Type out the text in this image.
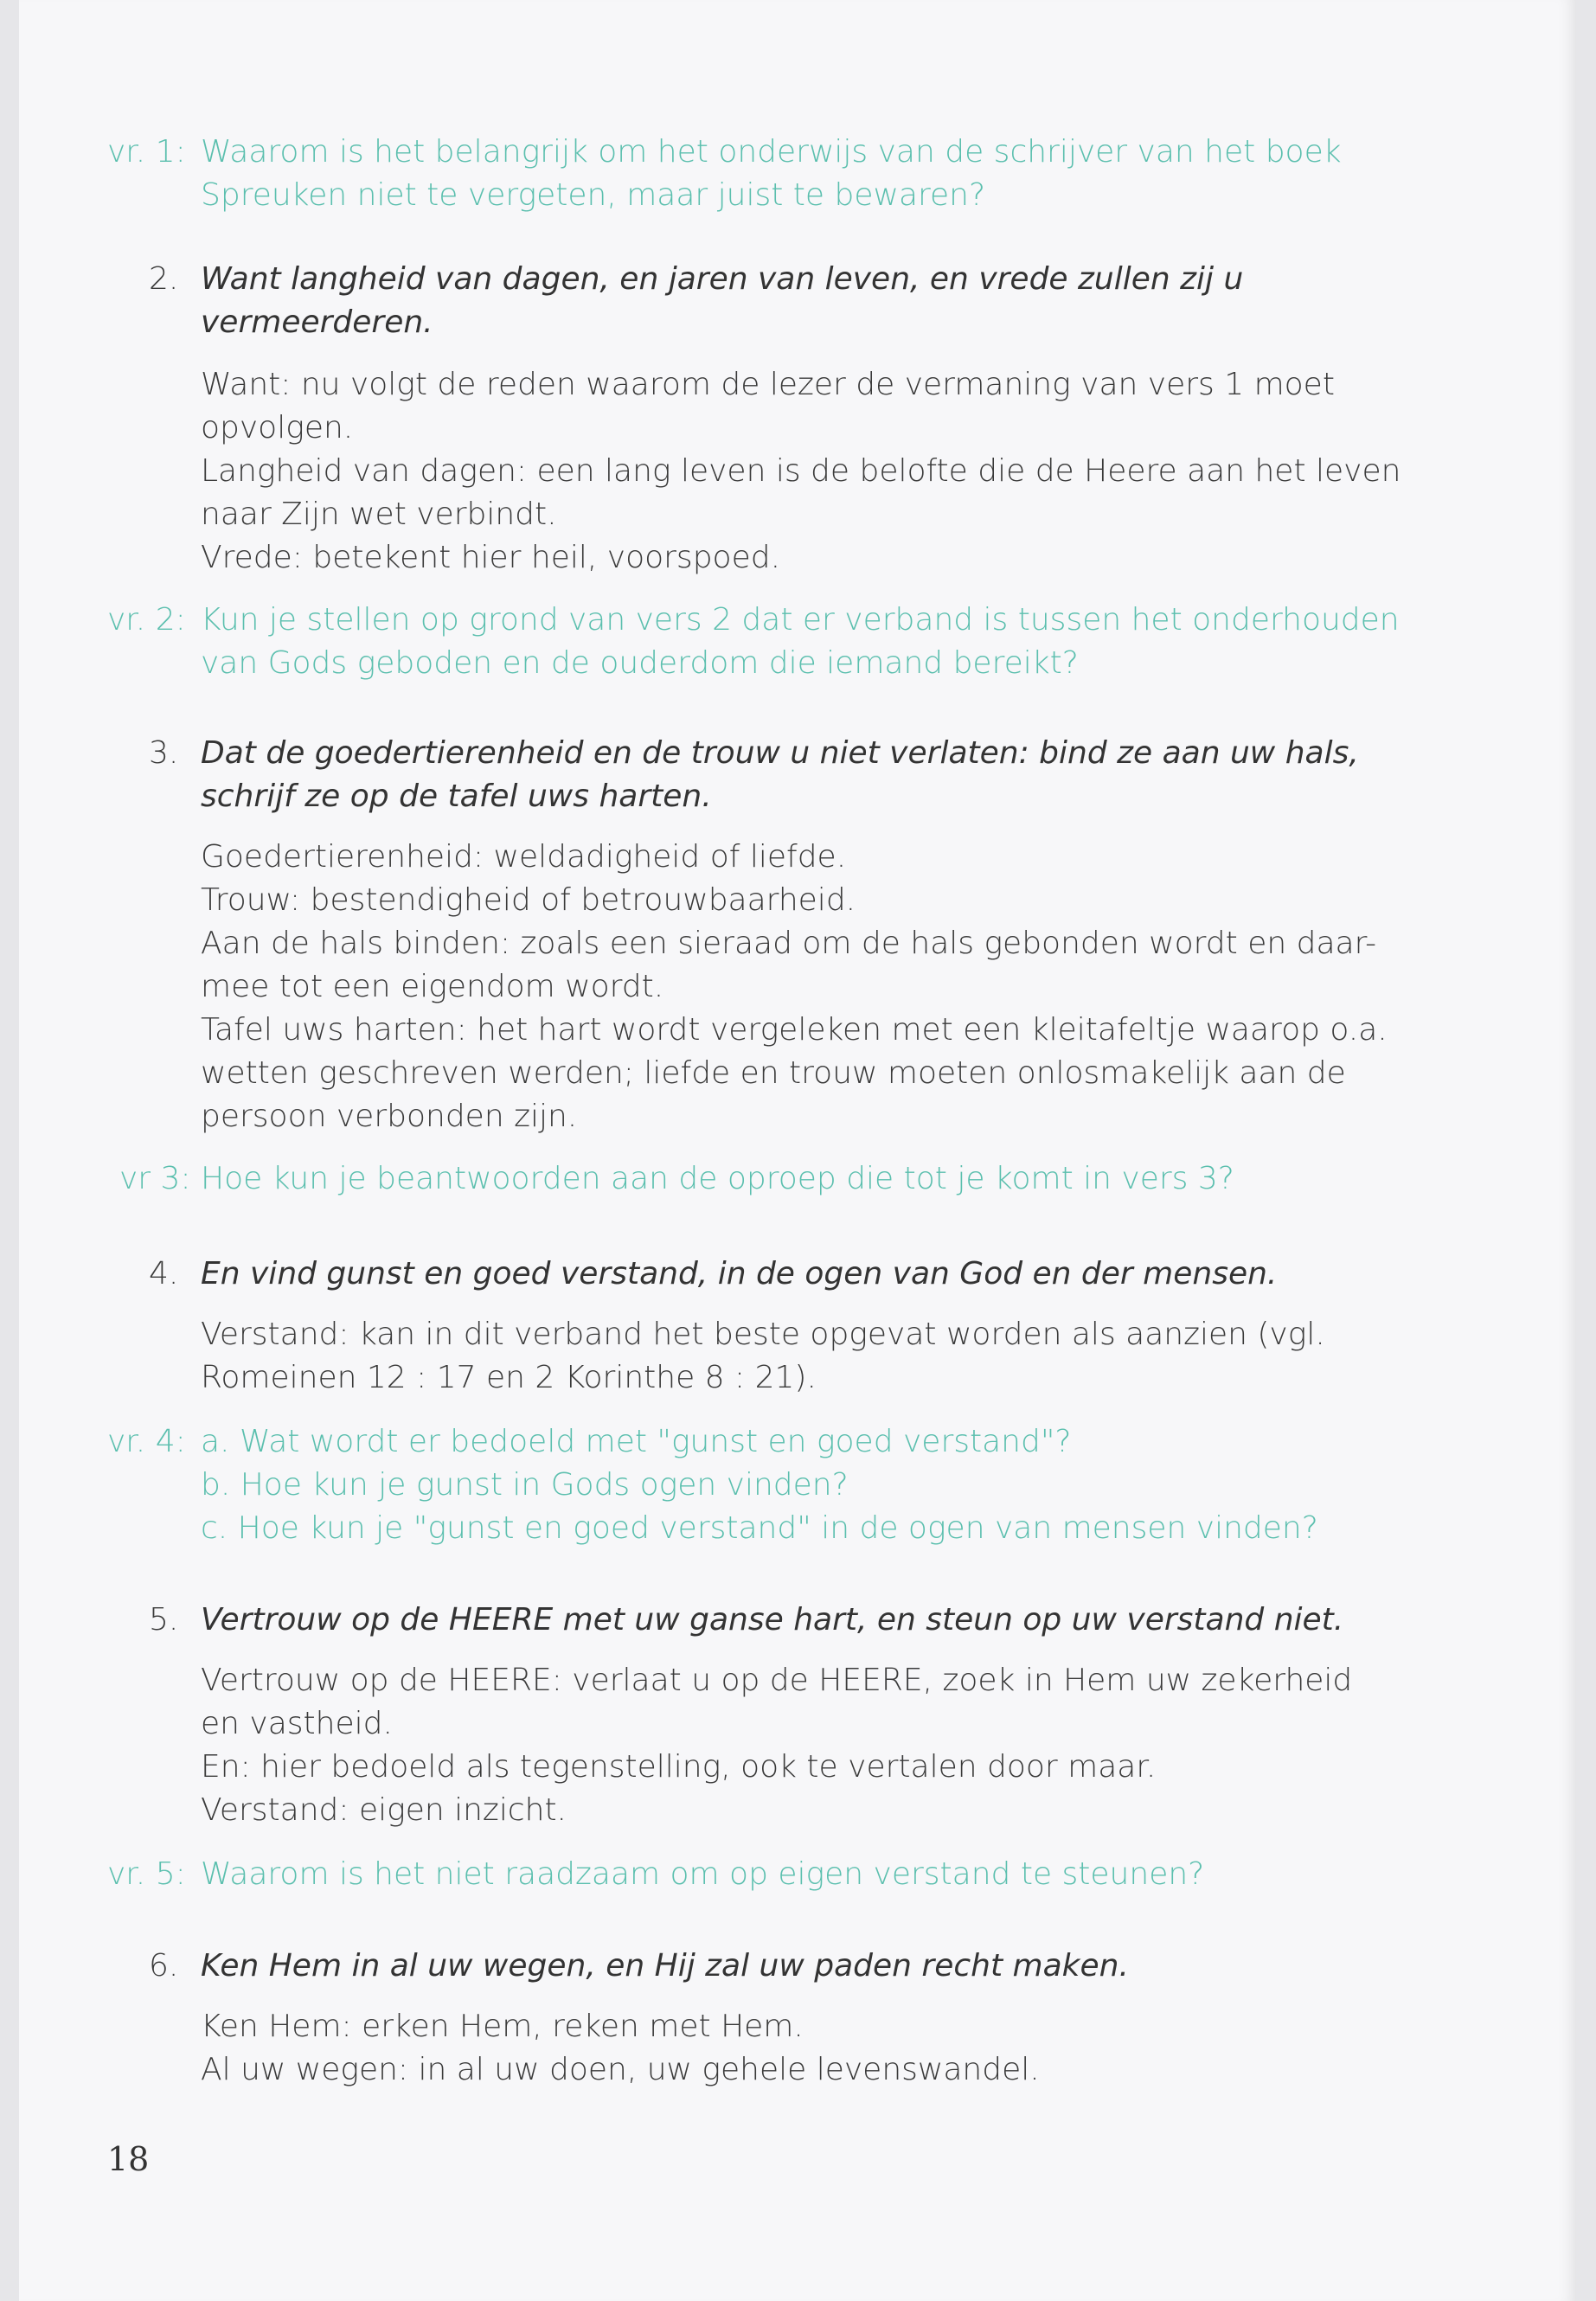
vr. 1: Waarom is het belangrijk om het onderwijs van de schrijver van het boek
Spreuken niet te vergeten, maar juist te bewaren?
2. Want langheid van dagen, en jaren van leven, en vrede zullen zij u
vermeerderen.
Want: nu volgt de reden waarom de lezer de vermaning van vers 1 moet
opvolgen.
Langheid van dagen: een lang leven is de belofte die de Heere aan het leven
naar Zijn wet verbindt.
Vrede: betekent hier heil, voorspoed.
vr. 2: Kun je stellen op grond van vers 2 dat er verband is tussen het onderhouden
van Gods geboden en de ouderdom die iemand bereikt?
3. Dat de goedertierenheid en de trouw u niet verlaten: bind ze aan uw hals,
schrijf ze op de tafel uws harten.
Goedertierenheid: weldadigheid of liefde.
Trouw: bestendigheid of betrouwbaarheid.
Aan de hals binden: zoals een sieraad om de hals gebonden wordt en daar-
mee tot een eigendom wordt.
Tafel uws harten: het hart wordt vergeleken met een kleitafeltje waarop o.a.
wetten geschreven werden; liefde en trouw moeten onlosmakelijk aan de
persoon verbonden zijn.
vr 3: Hoe kun je beantwoorden aan de oproep die tot je komt in vers 3?
4. En vind gunst en goed verstand, in de ogen van God en der mensen.
Verstand: kan in dit verband het beste opgevat worden als aanzien (vgl.
Romeinen 12 : 17 en 2 Korinthe 8 : 21).
vr. 4: a. Wat wordt er bedoeld met "gunst en goed verstand"?
b. Hoe kun je gunst in Gods ogen vinden?
c. Hoe kun je "gunst en goed verstand" in de ogen van mensen vinden?
5. Vertrouw op de HEERE met uw ganse hart, en steun op uw verstand niet.
Vertrouw op de HEERE: verlaat u op de HEERE, zoek in Hem uw zekerheid
en vastheid.
En: hier bedoeld als tegenstelling, ook te vertalen door maar.
Verstand: eigen inzicht.
vr. 5: Waarom is het niet raadzaam om op eigen verstand te steunen?
6. Ken Hem in al uw wegen, en Hij zal uw paden recht maken.
Ken Hem: erken Hem, reken met Hem.
Al uw wegen: in al uw doen, uw gehele levenswandel.
18
